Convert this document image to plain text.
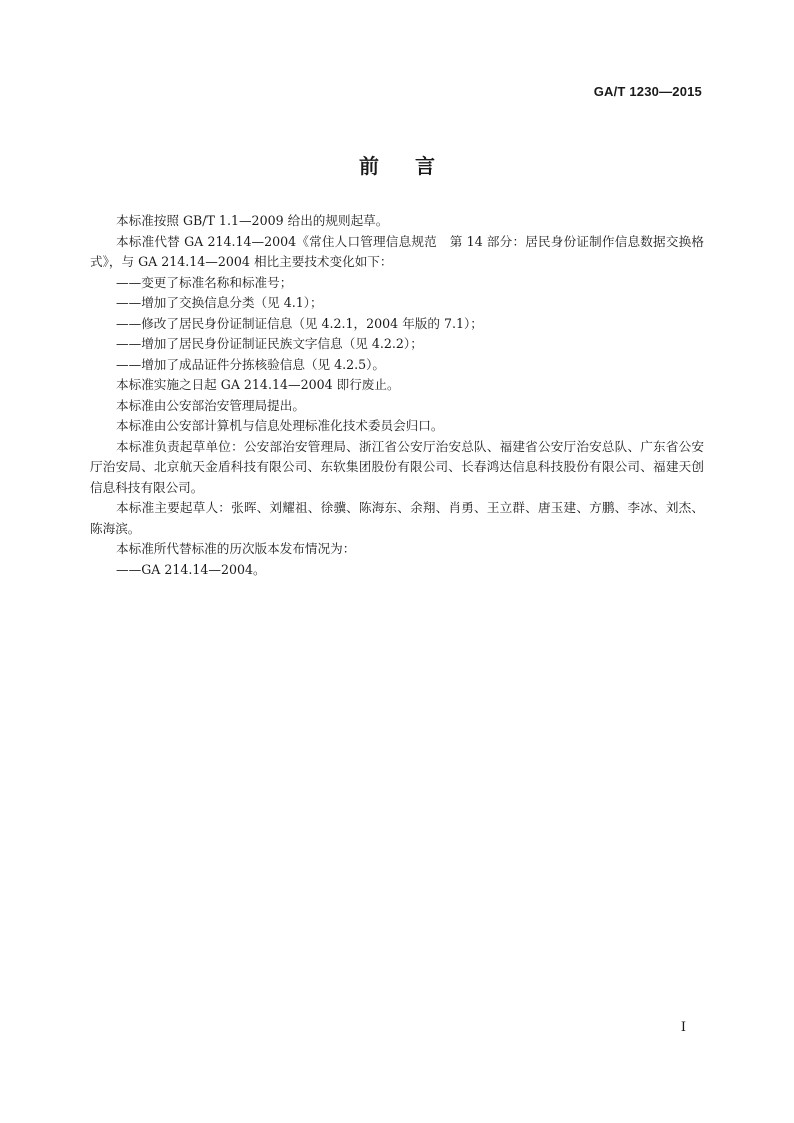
GA/T 1230—2015
前言

本标准按照 GB/T 1.1—2009 给出的规则起草。

本标准代替 GA 214.14—2004《常住人口管理信息规范　第 14 部分：居民身份证制作信息数据交换格式》，与 GA 214.14—2004 相比主要技术变化如下：

——变更了标准名称和标准号；

——增加了交换信息分类（见 4.1）；

——修改了居民身份证制证信息（见 4.2.1，2004 年版的 7.1）；

——增加了居民身份证制证民族文字信息（见 4.2.2）；

——增加了成品证件分拣核验信息（见 4.2.5）。

本标准实施之日起 GA 214.14—2004 即行废止。

本标准由公安部治安管理局提出。

本标准由公安部计算机与信息处理标准化技术委员会归口。

本标准负责起草单位：公安部治安管理局、浙江省公安厅治安总队、福建省公安厅治安总队、广东省公安厅治安局、北京航天金盾科技有限公司、东软集团股份有限公司、长春鸿达信息科技股份有限公司、福建天创信息科技有限公司。

本标准主要起草人：张晖、刘耀祖、徐骥、陈海东、余翔、肖勇、王立群、唐玉建、方鹏、李冰、刘杰、陈海滨。

本标准所代替标准的历次版本发布情况为：

——GA 214.14—2004。

I
